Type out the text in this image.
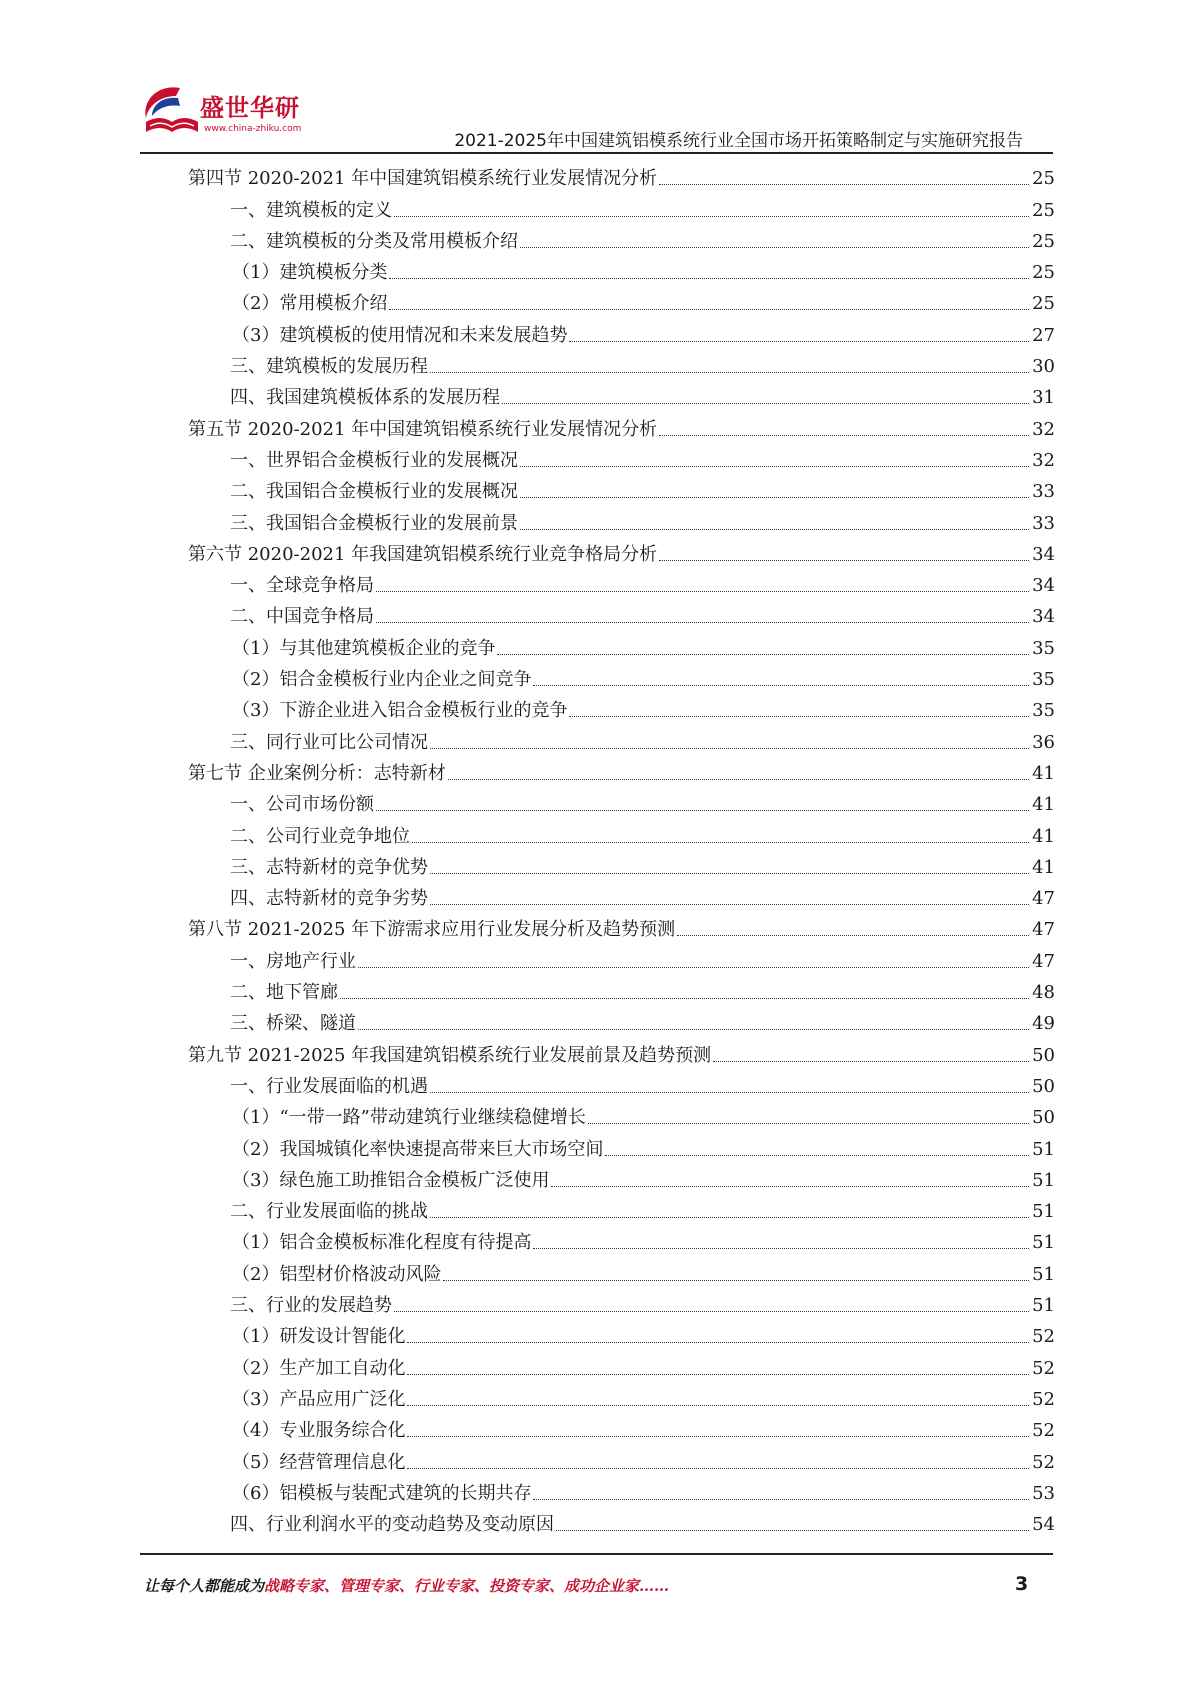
盛世华研
www.china-zhiku.com
2021-2025年中国建筑铝模系统行业全国市场开拓策略制定与实施研究报告
第四节 2020-2021 年中国建筑铝模系统行业发展情况分析	25
一、建筑模板的定义	25
二、建筑模板的分类及常用模板介绍	25
（1）建筑模板分类	25
（2）常用模板介绍	25
（3）建筑模板的使用情况和未来发展趋势	27
三、建筑模板的发展历程	30
四、我国建筑模板体系的发展历程	31
第五节 2020-2021 年中国建筑铝模系统行业发展情况分析	32
一、世界铝合金模板行业的发展概况	32
二、我国铝合金模板行业的发展概况	33
三、我国铝合金模板行业的发展前景	33
第六节 2020-2021 年我国建筑铝模系统行业竞争格局分析	34
一、全球竞争格局	34
二、中国竞争格局	34
（1）与其他建筑模板企业的竞争	35
（2）铝合金模板行业内企业之间竞争	35
（3）下游企业进入铝合金模板行业的竞争	35
三、同行业可比公司情况	36
第七节 企业案例分析：志特新材	41
一、公司市场份额	41
二、公司行业竞争地位	41
三、志特新材的竞争优势	41
四、志特新材的竞争劣势	47
第八节 2021-2025 年下游需求应用行业发展分析及趋势预测	47
一、房地产行业	47
二、地下管廊	48
三、桥梁、隧道	49
第九节 2021-2025 年我国建筑铝模系统行业发展前景及趋势预测	50
一、行业发展面临的机遇	50
（1）“一带一路”带动建筑行业继续稳健增长	50
（2）我国城镇化率快速提高带来巨大市场空间	51
（3）绿色施工助推铝合金模板广泛使用	51
二、行业发展面临的挑战	51
（1）铝合金模板标准化程度有待提高	51
（2）铝型材价格波动风险	51
三、行业的发展趋势	51
（1）研发设计智能化	52
（2）生产加工自动化	52
（3）产品应用广泛化	52
（4）专业服务综合化	52
（5）经营管理信息化	52
（6）铝模板与装配式建筑的长期共存	53
四、行业利润水平的变动趋势及变动原因	54
让每个人都能成为战略专家、管理专家、行业专家、投资专家、成功企业家……	3
